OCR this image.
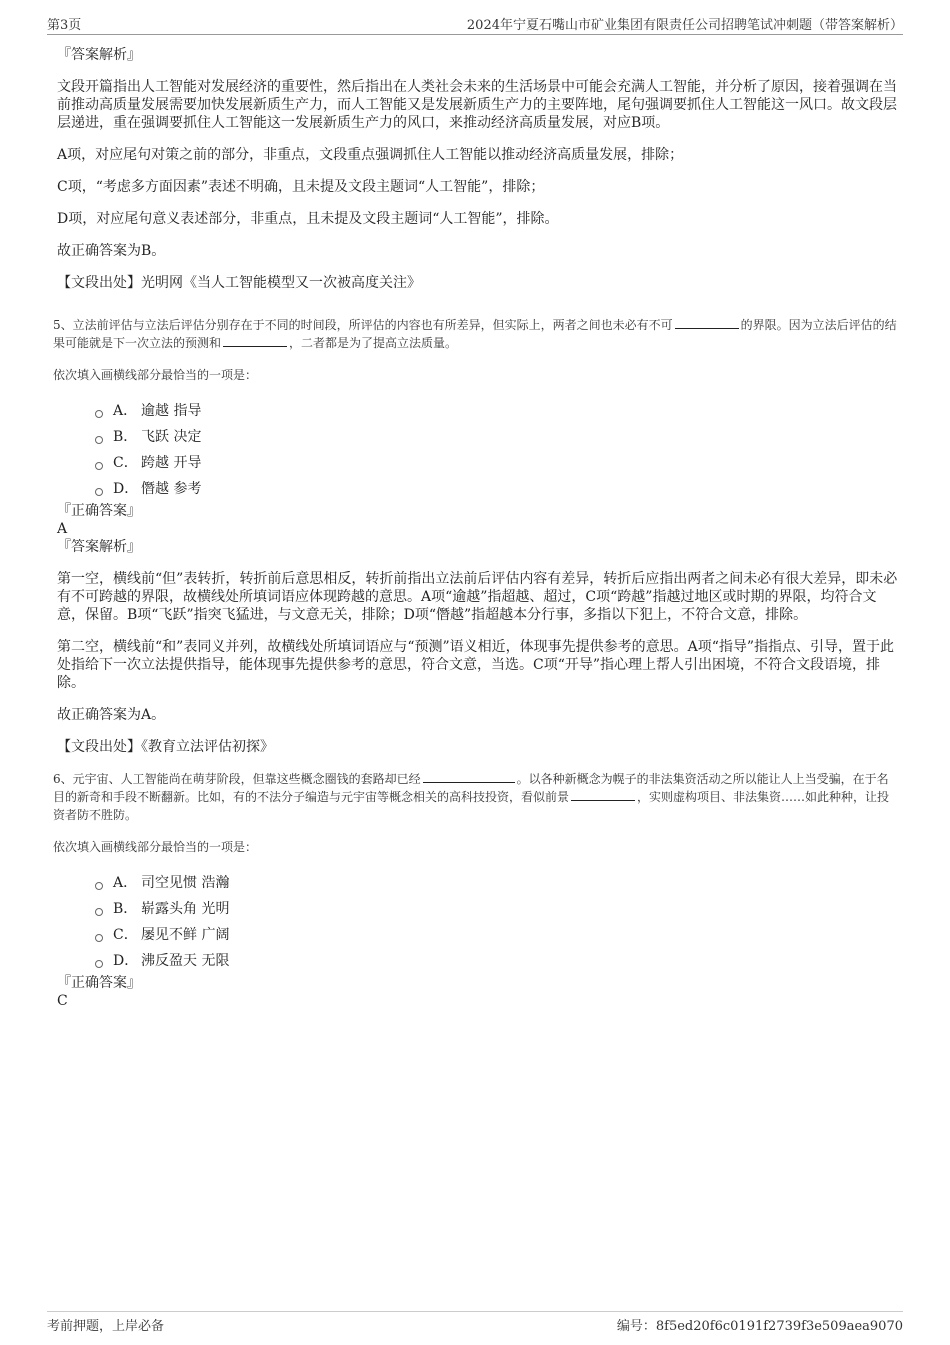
第3页	2024年宁夏石嘴山市矿业集团有限责任公司招聘笔试冲刺题（带答案解析）
『答案解析』

文段开篇指出人工智能对发展经济的重要性，然后指出在人类社会未来的生活场景中可能会充满人工智能，并分析了原因，接着强调在当前推动高质量发展需要加快发展新质生产力，而人工智能又是发展新质生产力的主要阵地，尾句强调要抓住人工智能这一风口。故文段层层递进，重在强调要抓住人工智能这一发展新质生产力的风口，来推动经济高质量发展，对应B项。

A项，对应尾句对策之前的部分，非重点，文段重点强调抓住人工智能以推动经济高质量发展，排除；

C项，“考虑多方面因素”表述不明确，且未提及文段主题词“人工智能”，排除；

D项，对应尾句意义表述部分，非重点，且未提及文段主题词“人工智能”，排除。

故正确答案为B。

【文段出处】光明网《当人工智能模型又一次被高度关注》

5、立法前评估与立法后评估分别存在于不同的时间段，所评估的内容也有所差异，但实际上，两者之间也未必有不可	的界限。因为立法后评估的结果可能就是下一次立法的预测和	，二者都是为了提高立法质量。

依次填入画横线部分最恰当的一项是：

A． 逾越 指导
B． 飞跃 决定
C． 跨越 开导
D． 僭越 参考
『正确答案』
A
『答案解析』

第一空，横线前“但”表转折，转折前后意思相反，转折前指出立法前后评估内容有差异，转折后应指出两者之间未必有很大差异，即未必有不可跨越的界限，故横线处所填词语应体现跨越的意思。A项“逾越”指超越、超过，C项“跨越”指越过地区或时期的界限，均符合文意，保留。B项“飞跃”指突飞猛进，与文意无关，排除；D项“僭越”指超越本分行事，多指以下犯上，不符合文意，排除。

第二空，横线前“和”表同义并列，故横线处所填词语应与“预测”语义相近，体现事先提供参考的意思。A项“指导”指指点、引导，置于此处指给下一次立法提供指导，能体现事先提供参考的意思，符合文意，当选。C项“开导”指心理上帮人引出困境，不符合文段语境，排除。

故正确答案为A。

【文段出处】《教育立法评估初探》

6、元宇宙、人工智能尚在萌芽阶段，但靠这些概念圈钱的套路却已经	。以各种新概念为幌子的非法集资活动之所以能让人上当受骗，在于名目的新奇和手段不断翻新。比如，有的不法分子编造与元宇宙等概念相关的高科技投资，看似前景	，实则虚构项目、非法集资……如此种种，让投资者防不胜防。

依次填入画横线部分最恰当的一项是：

A． 司空见惯 浩瀚
B． 崭露头角 光明
C． 屡见不鲜 广阔
D． 沸反盈天 无限
『正确答案』
C
考前押题，上岸必备	编号：8f5ed20f6c0191f2739f3e509aea9070
